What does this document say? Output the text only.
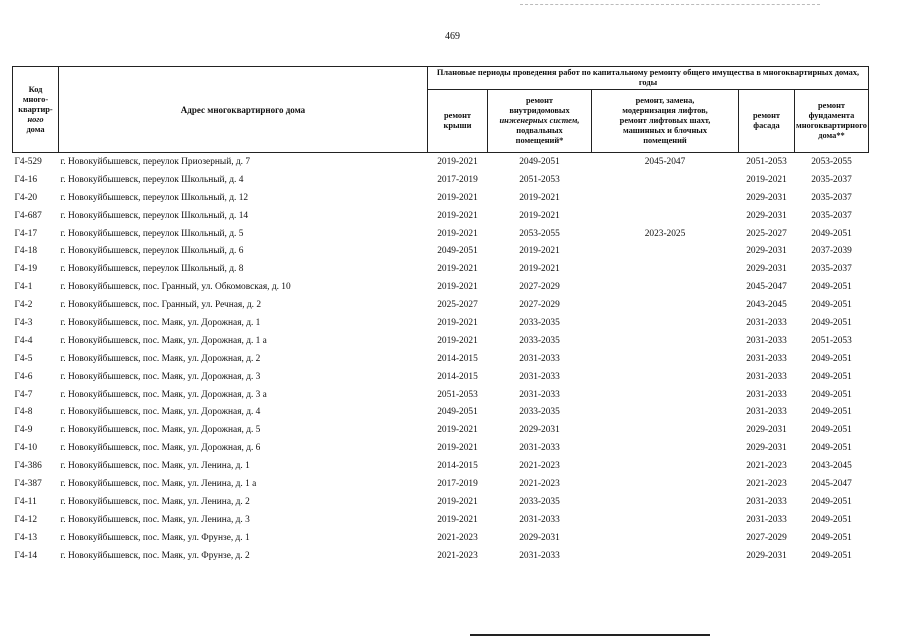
469
Код
много-
квартир-
ного
дома	Адрес многоквартирного дома	Плановые периоды проведения работ по капитальному ремонту общего имущества в многоквартирных домах, годы				
		ремонт
крыши	ремонт
внутридомовых
инженерных систем,
подвальных
помещений*	ремонт, замена,
модернизация лифтов,
ремонт лифтовых шахт,
машинных и блочных
помещений	ремонт
фасада	ремонт
фундамента
многоквартирного
дома**
Г4-529	г. Новокуйбышевск, переулок Приозерный, д. 7	2019-2021	2049-2051	2045-2047	2051-2053	2053-2055
Г4-16	г. Новокуйбышевск, переулок Школьный, д. 4	2017-2019	2051-2053		2019-2021	2035-2037
Г4-20	г. Новокуйбышевск, переулок Школьный, д. 12	2019-2021	2019-2021		2029-2031	2035-2037
Г4-687	г. Новокуйбышевск, переулок Школьный, д. 14	2019-2021	2019-2021		2029-2031	2035-2037
Г4-17	г. Новокуйбышевск, переулок Школьный, д. 5	2019-2021	2053-2055	2023-2025	2025-2027	2049-2051
Г4-18	г. Новокуйбышевск, переулок Школьный, д. 6	2049-2051	2019-2021		2029-2031	2037-2039
Г4-19	г. Новокуйбышевск, переулок Школьный, д. 8	2019-2021	2019-2021		2029-2031	2035-2037
Г4-1	г. Новокуйбышевск, пос. Гранный, ул. Обкомовская, д. 10	2019-2021	2027-2029		2045-2047	2049-2051
Г4-2	г. Новокуйбышевск, пос. Гранный, ул. Речная, д. 2	2025-2027	2027-2029		2043-2045	2049-2051
Г4-3	г. Новокуйбышевск, пос. Маяк, ул. Дорожная, д. 1	2019-2021	2033-2035		2031-2033	2049-2051
Г4-4	г. Новокуйбышевск, пос. Маяк, ул. Дорожная, д. 1 а	2019-2021	2033-2035		2031-2033	2051-2053
Г4-5	г. Новокуйбышевск, пос. Маяк, ул. Дорожная, д. 2	2014-2015	2031-2033		2031-2033	2049-2051
Г4-6	г. Новокуйбышевск, пос. Маяк, ул. Дорожная, д. 3	2014-2015	2031-2033		2031-2033	2049-2051
Г4-7	г. Новокуйбышевск, пос. Маяк, ул. Дорожная, д. 3 а	2051-2053	2031-2033		2031-2033	2049-2051
Г4-8	г. Новокуйбышевск, пос. Маяк, ул. Дорожная, д. 4	2049-2051	2033-2035		2031-2033	2049-2051
Г4-9	г. Новокуйбышевск, пос. Маяк, ул. Дорожная, д. 5	2019-2021	2029-2031		2029-2031	2049-2051
Г4-10	г. Новокуйбышевск, пос. Маяк, ул. Дорожная, д. 6	2019-2021	2031-2033		2029-2031	2049-2051
Г4-386	г. Новокуйбышевск, пос. Маяк, ул. Ленина, д. 1	2014-2015	2021-2023		2021-2023	2043-2045
Г4-387	г. Новокуйбышевск, пос. Маяк, ул. Ленина, д. 1 а	2017-2019	2021-2023		2021-2023	2045-2047
Г4-11	г. Новокуйбышевск, пос. Маяк, ул. Ленина, д. 2	2019-2021	2033-2035		2031-2033	2049-2051
Г4-12	г. Новокуйбышевск, пос. Маяк, ул. Ленина, д. 3	2019-2021	2031-2033		2031-2033	2049-2051
Г4-13	г. Новокуйбышевск, пос. Маяк, ул. Фрунзе, д. 1	2021-2023	2029-2031		2027-2029	2049-2051
Г4-14	г. Новокуйбышевск, пос. Маяк, ул. Фрунзе, д. 2	2021-2023	2031-2033		2029-2031	2049-2051
